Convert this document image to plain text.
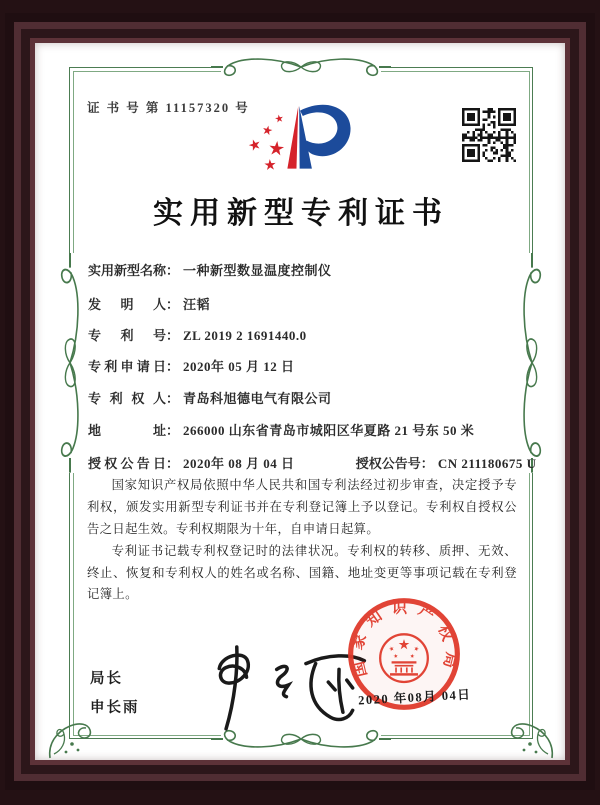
证 书 号 第 11157320 号
实用新型专利证书
实用新型名称： 一种新型数显温度控制仪
发明人： 汪韬
专利号： ZL 2019 2 1691440.0
专利申请日： 2020年 05 月 12 日
专利权人： 青岛科旭德电气有限公司
地址： 266000 山东省青岛市城阳区华夏路 21 号东 50 米
授权公告日： 2020年 08 月 04 日	授权公告号： CN 211180675 U

国家知识产权局依照中华人民共和国专利法经过初步审查，决定授予专利权，颁发实用新型专利证书并在专利登记簿上予以登记。专利权自授权公告之日起生效。专利权期限为十年，自申请日起算。

专利证书记载专利权登记时的法律状况。专利权的转移、质押、无效、终止、恢复和专利权人的姓名或名称、国籍、地址变更等事项记载在专利登记簿上。

局长
申长雨
国家知识产权局
2020 年08月 04日
